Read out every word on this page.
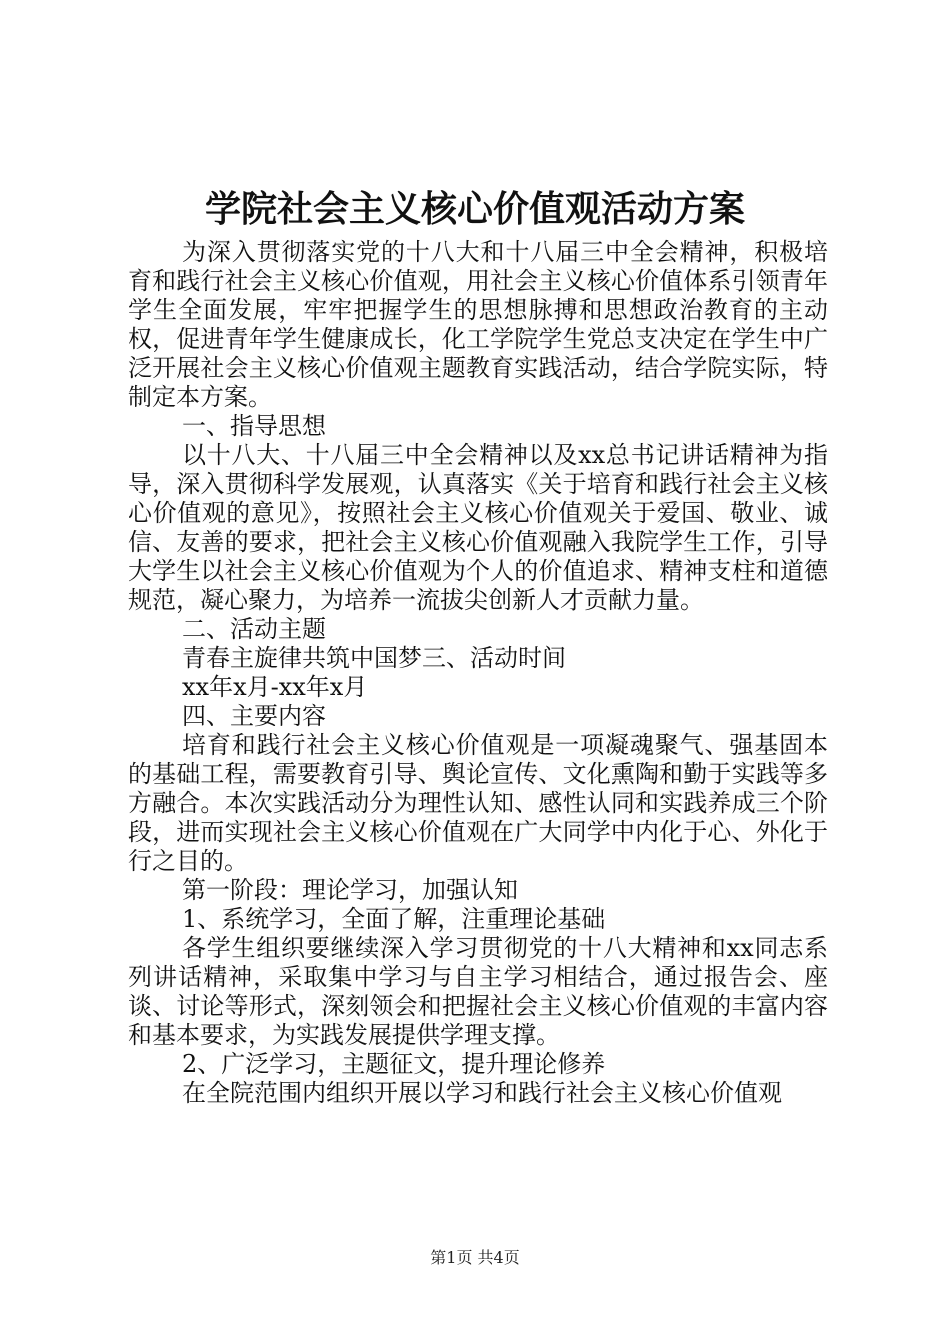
学院社会主义核心价值观活动方案

为深入贯彻落实党的十八大和十八届三中全会精神，积极培育和践行社会主义核心价值观，用社会主义核心价值体系引领青年学生全面发展，牢牢把握学生的思想脉搏和思想政治教育的主动权，促进青年学生健康成长，化工学院学生党总支决定在学生中广泛开展社会主义核心价值观主题教育实践活动，结合学院实际，特制定本方案。

一、指导思想

以十八大、十八届三中全会精神以及xx总书记讲话精神为指导，深入贯彻科学发展观，认真落实《关于培育和践行社会主义核心价值观的意见》，按照社会主义核心价值观关于爱国、敬业、诚信、友善的要求，把社会主义核心价值观融入我院学生工作，引导大学生以社会主义核心价值观为个人的价值追求、精神支柱和道德规范，凝心聚力，为培养一流拔尖创新人才贡献力量。

二、活动主题

青春主旋律共筑中国梦三、活动时间

xx年x月-xx年x月

四、主要内容

培育和践行社会主义核心价值观是一项凝魂聚气、强基固本的基础工程，需要教育引导、舆论宣传、文化熏陶和勤于实践等多方融合。本次实践活动分为理性认知、感性认同和实践养成三个阶段，进而实现社会主义核心价值观在广大同学中内化于心、外化于行之目的。

第一阶段：理论学习，加强认知

1、系统学习，全面了解，注重理论基础

各学生组织要继续深入学习贯彻党的十八大精神和xx同志系列讲话精神，采取集中学习与自主学习相结合，通过报告会、座谈、讨论等形式，深刻领会和把握社会主义核心价值观的丰富内容和基本要求，为实践发展提供学理支撑。

2、广泛学习，主题征文，提升理论修养

在全院范围内组织开展以学习和践行社会主义核心价值观

第1页 共4页
